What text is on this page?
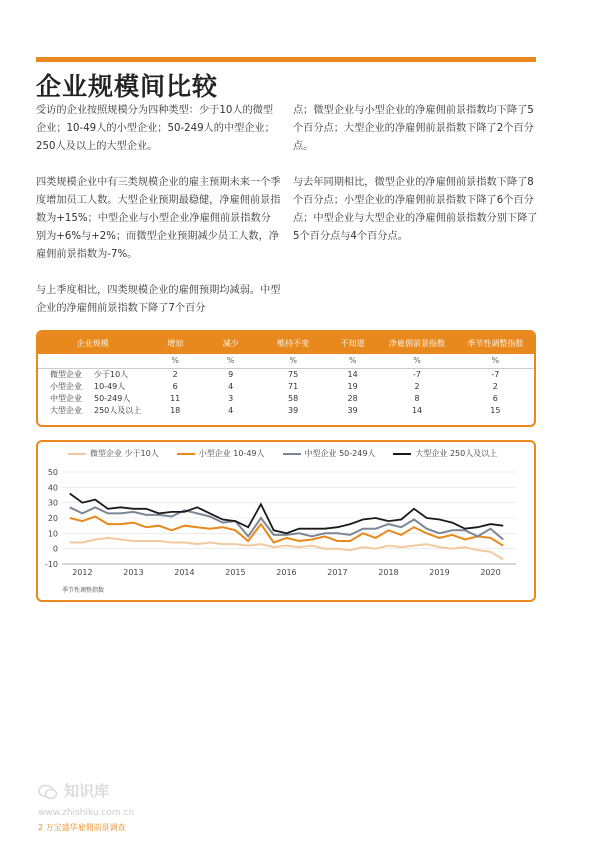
企业规模间比较

受访的企业按照规模分为四种类型：少于10人的微型企业；10-49人的小型企业；50-249人的中型企业；250人及以上的大型企业。

四类规模企业中有三类规模企业的雇主预期未来一个季度增加员工人数。大型企业预期最稳健，净雇佣前景指数为+15%；中型企业与小型企业净雇佣前景指数分别为+6%与+2%；而微型企业预期减少员工人数，净雇佣前景指数为-7%。

与上季度相比，四类规模企业的雇佣预期均减弱。中型企业的净雇佣前景指数下降了7个百分

点；微型企业与小型企业的净雇佣前景指数均下降了5个百分点；大型企业的净雇佣前景指数下降了2个百分点。

与去年同期相比，微型企业的净雇佣前景指数下降了8个百分点；小型企业的净雇佣前景指数下降了6个百分点；中型企业与大型企业的净雇佣前景指数分别下降了5个百分点与4个百分点。

企业规模	增加	减少	维持不变	不知道	净雇佣前景指数	季节性调整指数
	%	%	%	%	%	%
微型企业 少于10人	2	9	75	14	-7	-7
小型企业 10-49人	6	4	71	19	2	2
中型企业 50-249人	11	3	58	28	8	6
大型企业 250人及以上	18	4	39	39	14	15
微型企业 少于10人	小型企业 10-49人	中型企业 50-249人	大型企业 250人及以上
-10
0
10
20
30
40
50
2012	2013	2014	2015	2016	2017	2018	2019	2020
季节性调整指数
知识库
www.zhishiku.com.cn
2 万宝盛华雇佣前景调查
